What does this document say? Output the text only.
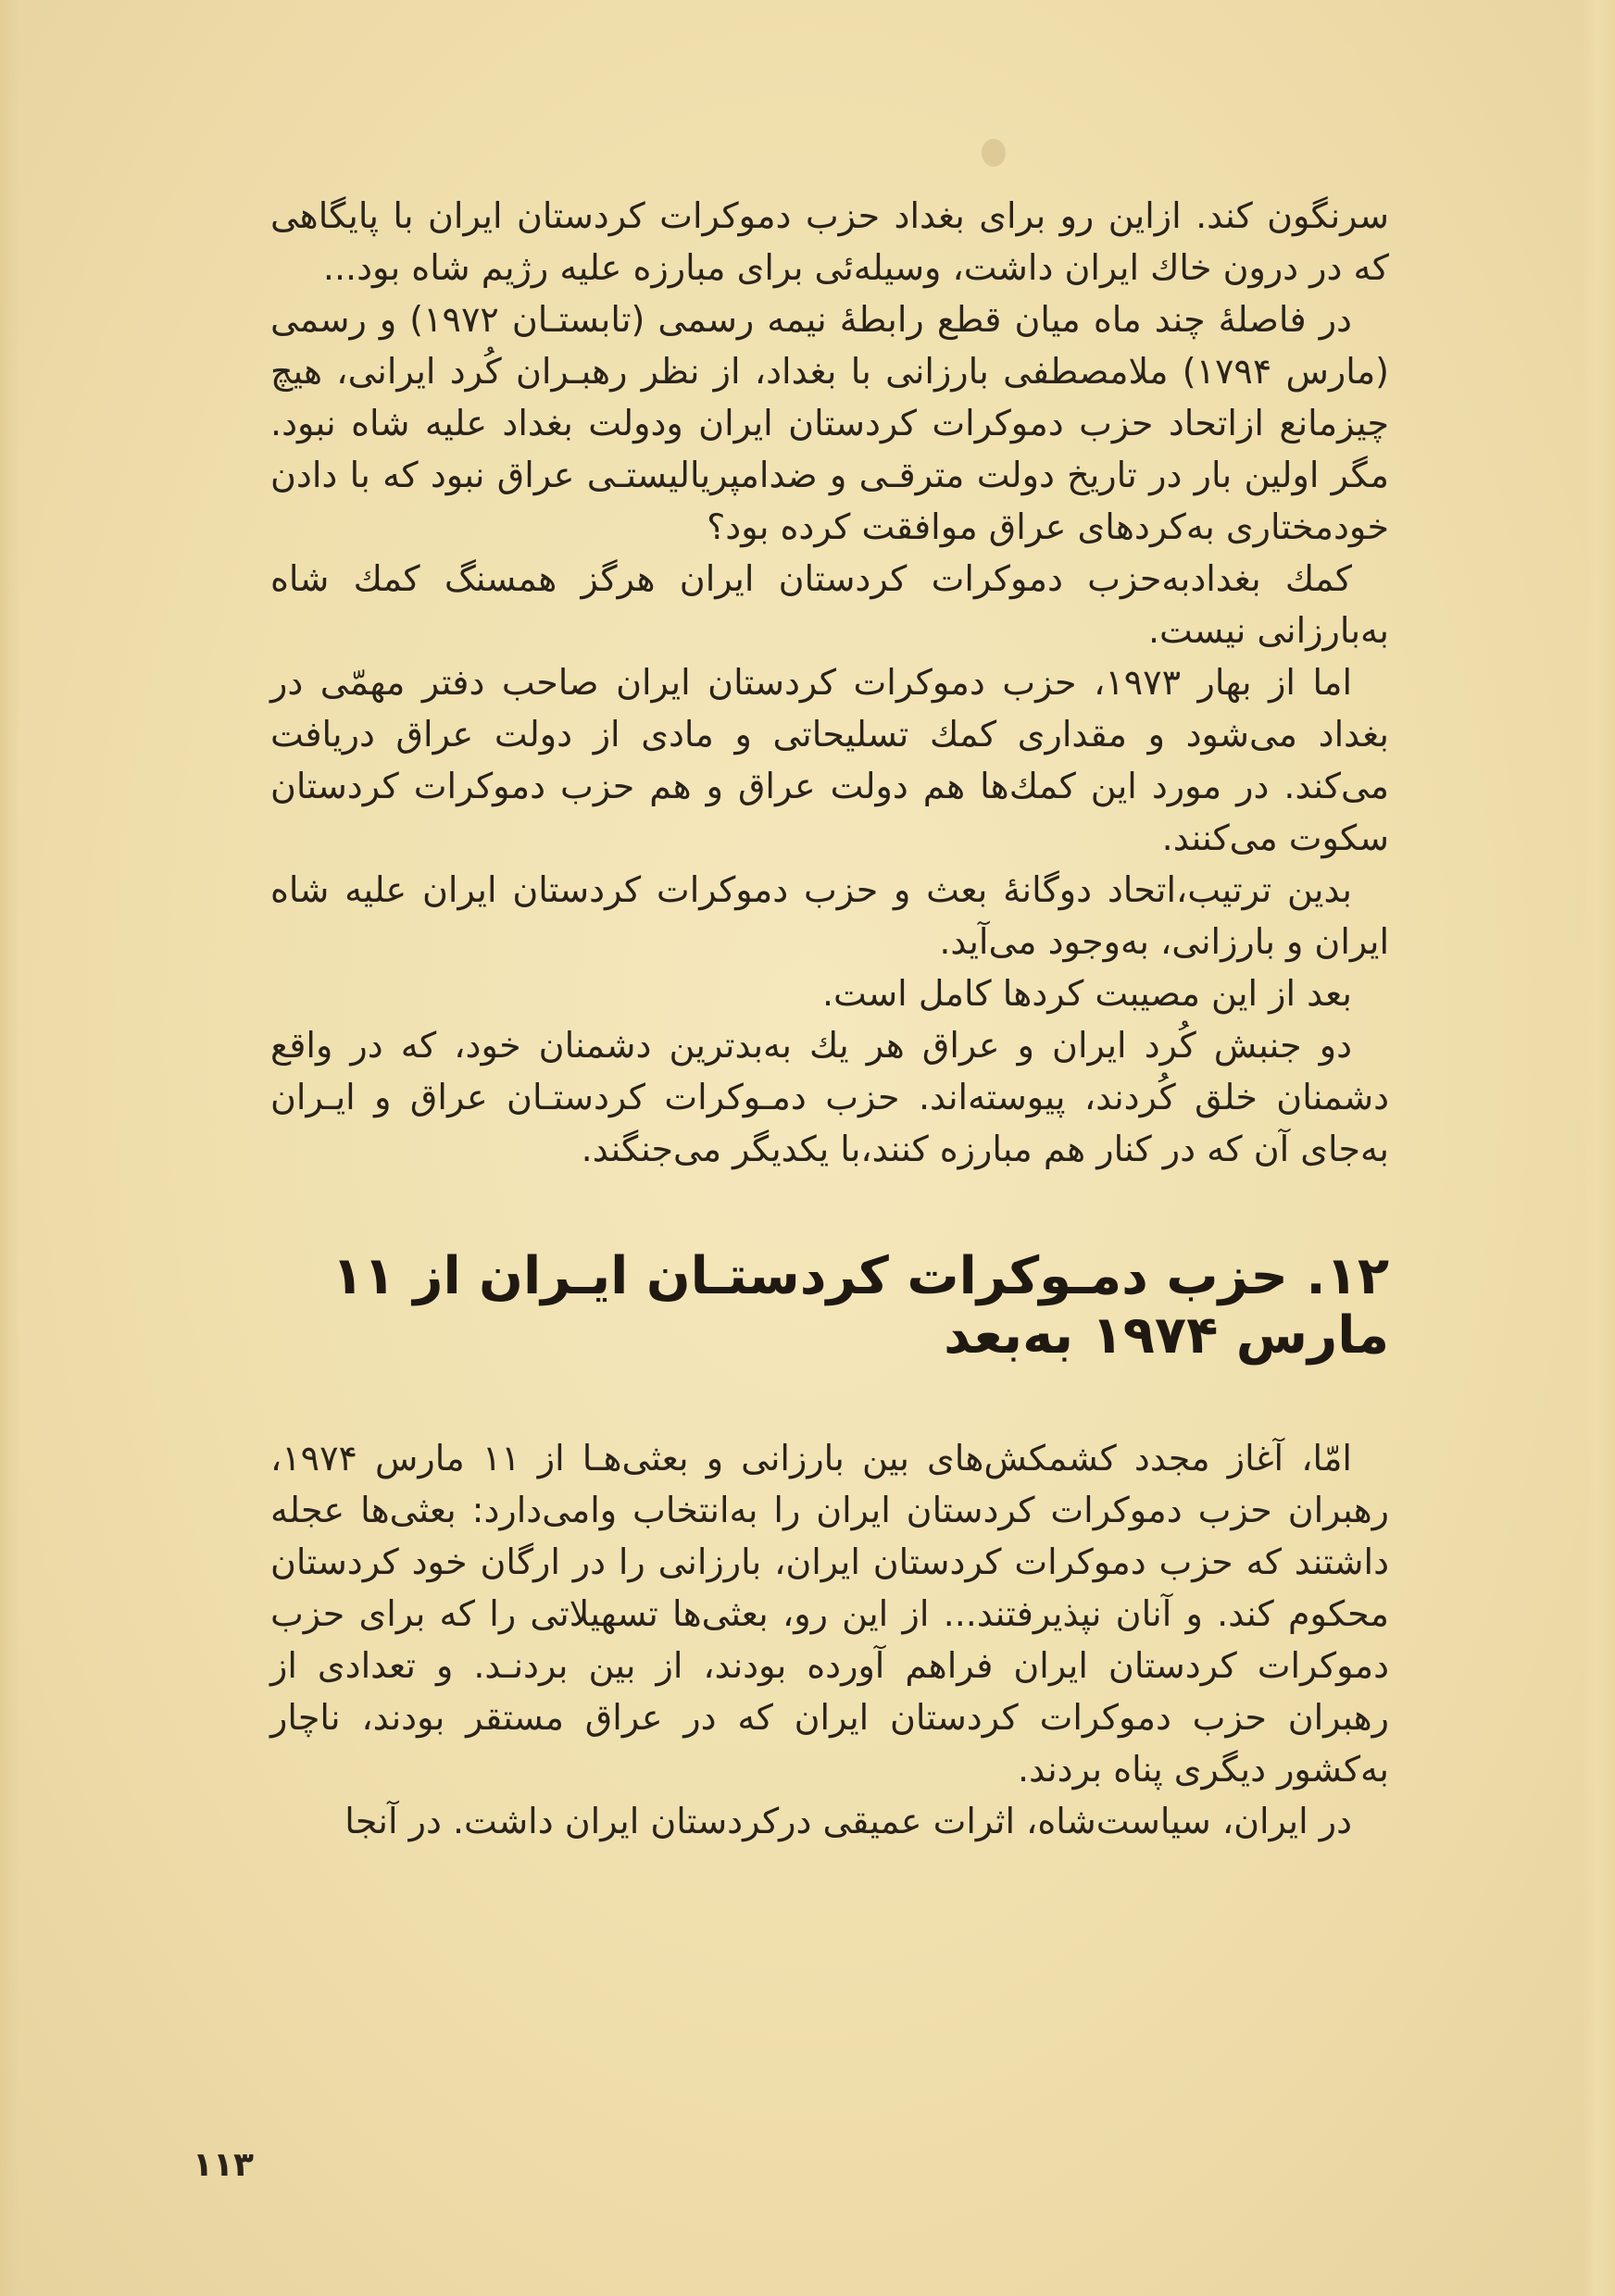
سرنگون کند. ازاین رو برای بغداد حزب دموکرات کردستان ایران با پایگاهی که در درون خاك ایران داشت، وسیله‌ئی برای مبارزه علیه رژیم شاه بود...

در فاصلهٔ چند ماه میان قطع رابطهٔ نیمه رسمی (تابستـان ۱۹۷۲) و رسمی (مارس ۱۷۹۴) ملامصطفی بارزانی با بغداد، از نظر رهبـران کُرد ایرانی، هیچ چیزمانع ازاتحاد حزب دموکرات کردستان ایران ودولت بغداد علیه شاه نبود. مگر اولین بار در تاریخ دولت مترقـی و ضدامپریالیستـی عراق نبود که با دادن خودمختاری به‌کردهای عراق موافقت کرده بود؟

کمك بغدادبه‌حزب دموکرات کردستان ایران هرگز همسنگ کمك شاه به‌بارزانی نیست.

اما از بهار ۱۹۷۳، حزب دموکرات کردستان ایران صاحب دفتر مهمّی در بغداد می‌شود و مقداری کمك تسلیحاتی و مادی از دولت عراق دریافت می‌کند. در مورد این کمك‌ها هم دولت عراق و هم حزب دموکرات کردستان سکوت می‌کنند.

بدین ترتیب،اتحاد دوگانهٔ بعث و حزب دموکرات کردستان ایران علیه شاه ایران و بارزانی، به‌وجود می‌آید.

بعد از این مصیبت کردها کامل است.

دو جنبش کُرد ایران و عراق هر یك به‌بدترین دشمنان خود، که در واقع دشمنان خلق کُردند، پیوسته‌اند. حزب دمـوکرات کردستـان عراق و ایـران به‌جای آن که در کنار هم مبارزه کنند،با یکدیگر می‌جنگند.

۱۲. حزب دمـوکرات کردستـان ایـران از ۱۱ مارس ۱۹۷۴ به‌بعد

امّا، آغاز مجدد کشمکش‌های بین بارزانی و بعثی‌هـا از ۱۱ مارس ۱۹۷۴، رهبران حزب دموکرات کردستان ایران را به‌انتخاب وامی‌دارد: بعثی‌ها عجله داشتند که حزب دموکرات کردستان ایران، بارزانی را در ارگان خود کردستان محکوم کند. و آنان نپذیرفتند... از این رو، بعثی‌ها تسهیلاتی را که برای حزب دموکرات کردستان ایران فراهم آورده بودند، از بین بردنـد. و تعدادی از رهبران حزب دموکرات کردستان ایران که در عراق مستقر بودند، ناچار به‌کشور دیگری پناه بردند.

در ایران، سیاست‌شاه، اثرات عمیقی درکردستان ایران داشت. در آنجا

۱۱۳
